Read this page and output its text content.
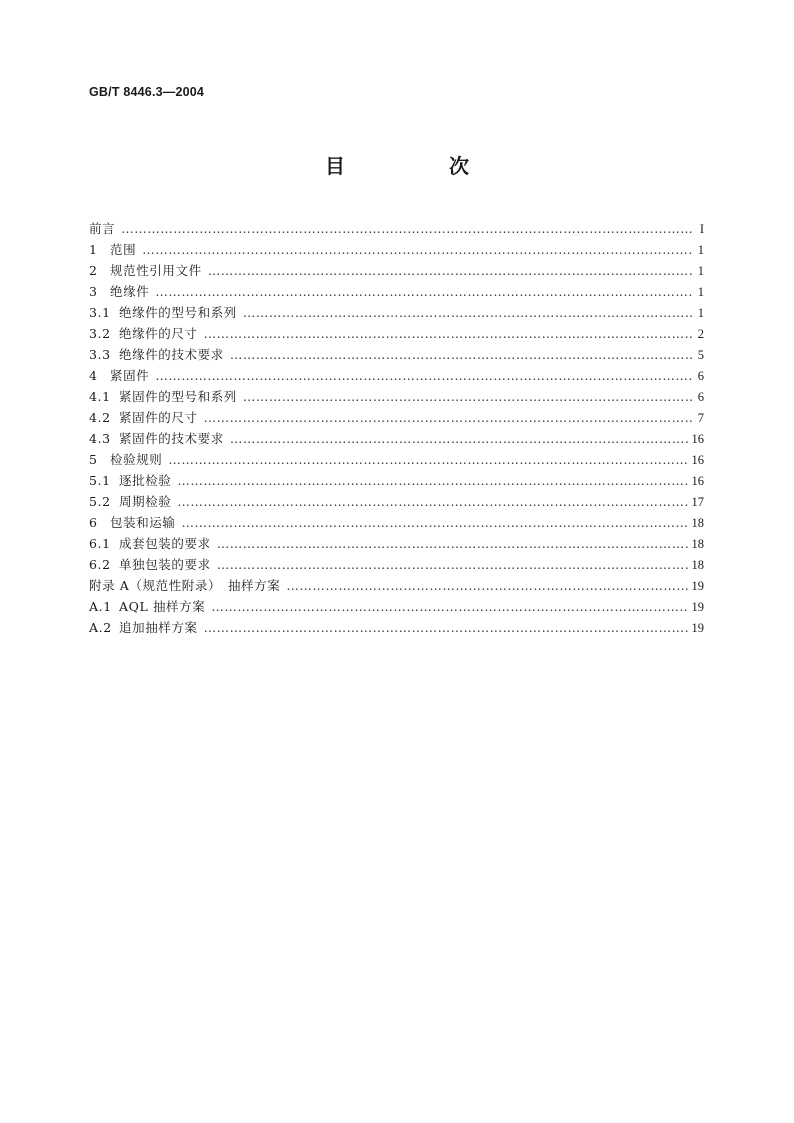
GB/T 8446.3—2004
目　次
前言 …………………………………………………………………………………………………………………………………………………………………………………………………………………	I
1 范围 …………………………………………………………………………………………………………………………………………………………………………………………………………………	1
2 规范性引用文件 …………………………………………………………………………………………………………………………………………………………………………………………………………………	1
3 绝缘件 …………………………………………………………………………………………………………………………………………………………………………………………………………………	1
3.1 绝缘件的型号和系列 …………………………………………………………………………………………………………………………………………………………………………………………………………………	1
3.2 绝缘件的尺寸 …………………………………………………………………………………………………………………………………………………………………………………………………………………	2
3.3 绝缘件的技术要求 …………………………………………………………………………………………………………………………………………………………………………………………………………………	5
4 紧固件 …………………………………………………………………………………………………………………………………………………………………………………………………………………	6
4.1 紧固件的型号和系列 …………………………………………………………………………………………………………………………………………………………………………………………………………………	6
4.2 紧固件的尺寸 …………………………………………………………………………………………………………………………………………………………………………………………………………………	7
4.3 紧固件的技术要求 …………………………………………………………………………………………………………………………………………………………………………………………………………………	16
5 检验规则 …………………………………………………………………………………………………………………………………………………………………………………………………………………	16
5.1 逐批检验 …………………………………………………………………………………………………………………………………………………………………………………………………………………	16
5.2 周期检验 …………………………………………………………………………………………………………………………………………………………………………………………………………………	17
6 包装和运输 …………………………………………………………………………………………………………………………………………………………………………………………………………………	18
6.1 成套包装的要求 …………………………………………………………………………………………………………………………………………………………………………………………………………………	18
6.2 单独包装的要求 …………………………………………………………………………………………………………………………………………………………………………………………………………………	18
附录 A（规范性附录）　抽样方案 …………………………………………………………………………………………………………………………………………………………………………………………………………………	19
A.1 AQL 抽样方案 …………………………………………………………………………………………………………………………………………………………………………………………………………………	19
A.2 追加抽样方案 …………………………………………………………………………………………………………………………………………………………………………………………………………………	19
